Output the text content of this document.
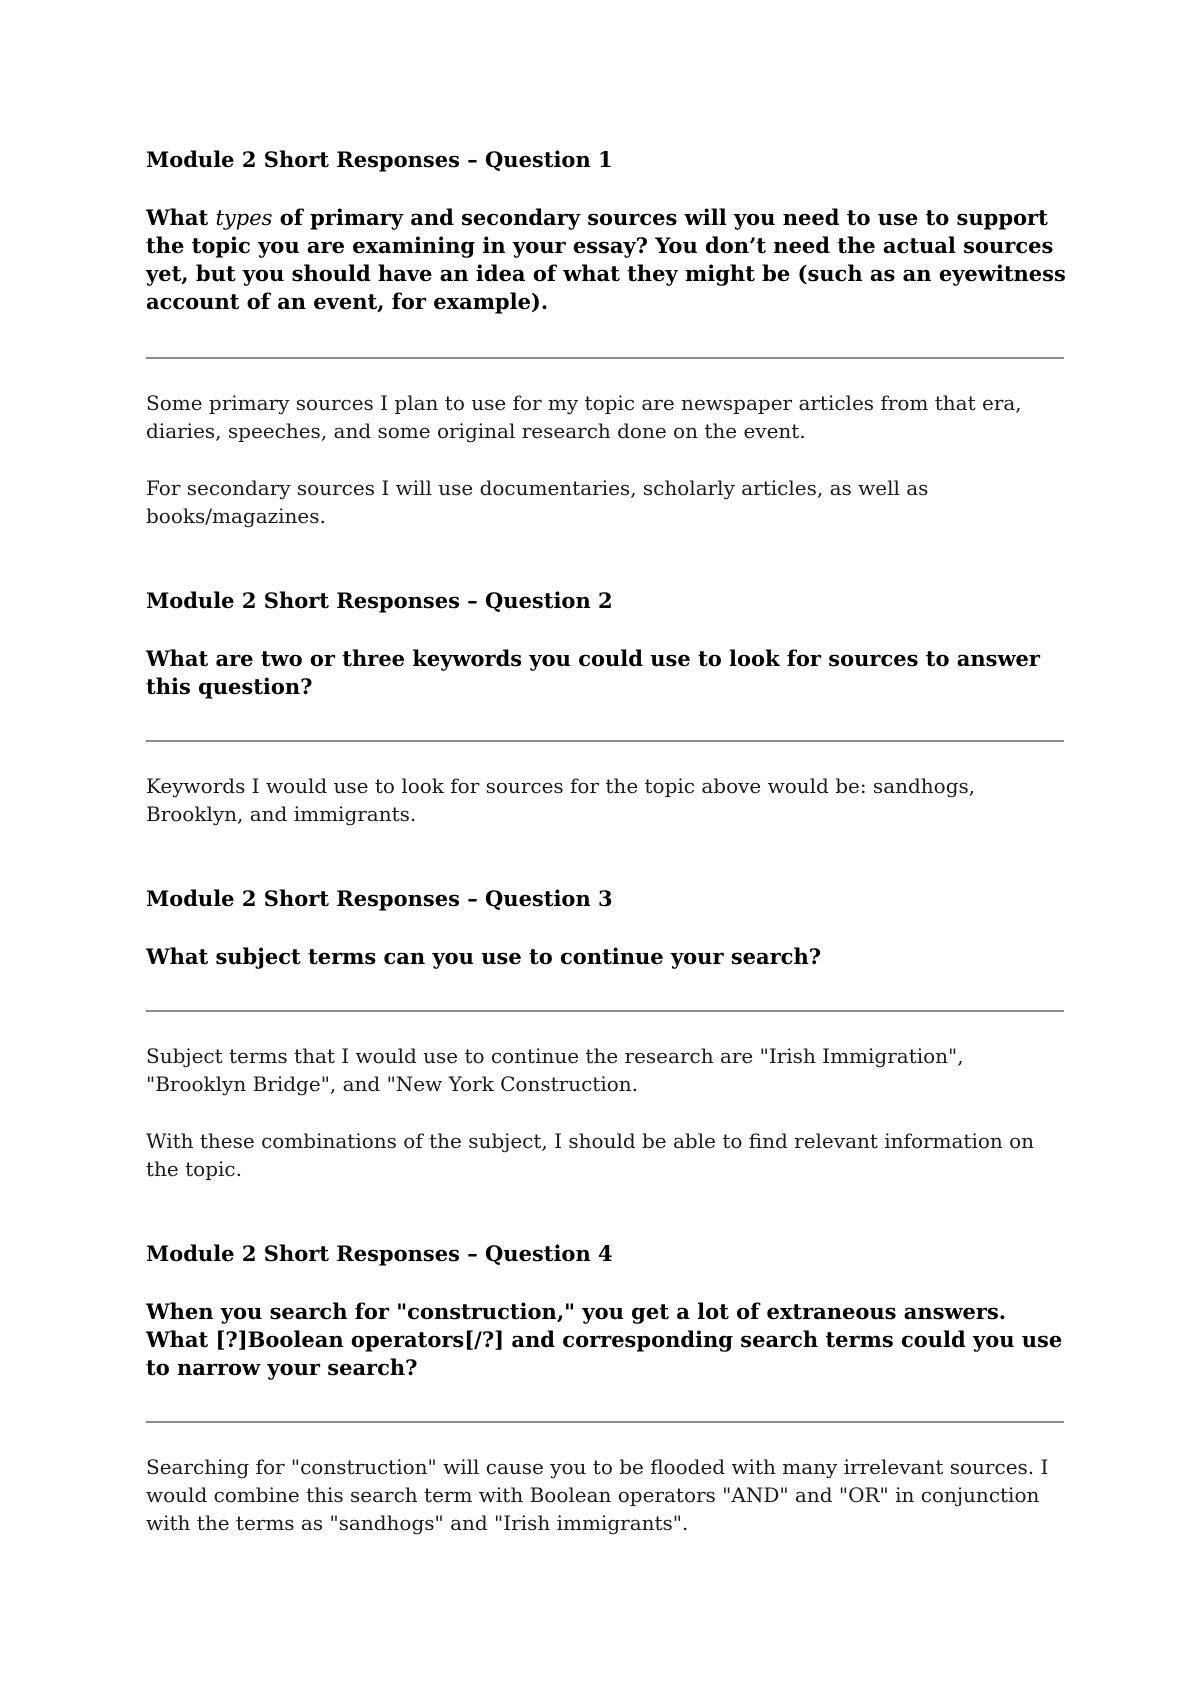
Module 2 Short Responses – Question 1

What types of primary and secondary sources will you need to use to support the topic you are examining in your essay? You don’t need the actual sources yet, but you should have an idea of what they might be (such as an eyewitness account of an event, for example).

Some primary sources I plan to use for my topic are newspaper articles from that era, diaries, speeches, and some original research done on the event.

For secondary sources I will use documentaries, scholarly articles, as well as books/magazines.

Module 2 Short Responses – Question 2

What are two or three keywords you could use to look for sources to answer this question?

Keywords I would use to look for sources for the topic above would be: sandhogs, Brooklyn, and immigrants.

Module 2 Short Responses – Question 3

What subject terms can you use to continue your search?

Subject terms that I would use to continue the research are "Irish Immigration", "Brooklyn Bridge", and "New York Construction.

With these combinations of the subject, I should be able to find relevant information on the topic.

Module 2 Short Responses – Question 4

When you search for "construction," you get a lot of extraneous answers. What [?]Boolean operators[/?] and corresponding search terms could you use to narrow your search?

Searching for "construction" will cause you to be flooded with many irrelevant sources. I would combine this search term with Boolean operators "AND" and "OR" in conjunction with the terms as "sandhogs" and "Irish immigrants".
